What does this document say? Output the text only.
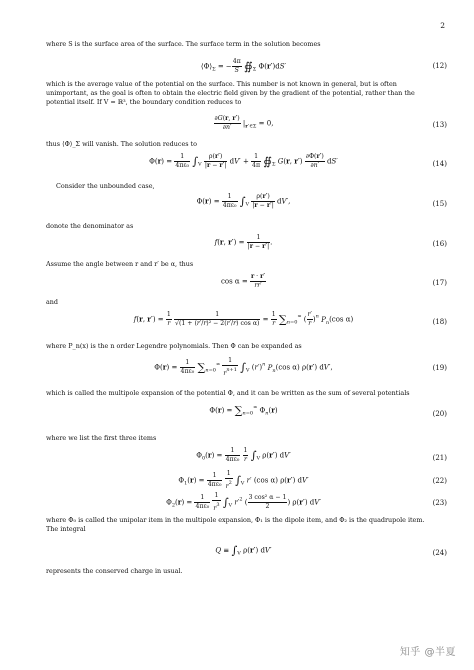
2
where S is the surface area of the surface. The surface term in the solution becomes
$⟨\Phi⟩_\Sigma$ = − $\frac{4\pi}{S}$ $∯_\Sigma$ Φ(r′)dS′	(12)
which is the average value of the potential on the surface. This number is not known in general, but is often unimportant, as the goal is often to obtain the electric field given by the gradient of the potential, rather than the potential itself. If V = ℝ³, the boundary condition reduces to
$\frac{\partial G(r, r')}{\partial n'} |_{r'\in\Sigma} = 0$,	(13)
thus ⟨Φ⟩_Σ will vanish. The solution reduces to
$\Phi(r) = \frac{1}{\text{4πε₀}} \int_V \frac{\rho(r')}{|r - r'|} dV' + \frac{1}{4\pi}$ $∯_\Sigma$ G(r, $r') \frac{\partial\Phi(r')}{\partial n'} dS'$	(14)
Consider the unbounded case,
$\Phi(r) = \frac{1}{\text{4πε₀}} \int_V \frac{\rho(r')}{|r - r'|} dV'$,	(15)
donote the denominator as
f(r, $r') = \frac{1}{|r - r'|}$ .	(16)
Assume the angle between r and r′ be α, thus
$\cos \alpha = \frac{r \cdot r'}{rr'}$	(17)
and
f(r, $r') = \frac{1}{r}$
$\frac{1}{\text{√(1 + (r′/r)² − 2(r′/r) cos α)}} = \frac{1}{r} \sum_{n=0}^\infty$ ( $\frac{r'}{r} )^n$ $P_n(\cos$ α)	(18)
where P_n(x) is the n order Legendre polynomials. Then Φ can be expanded as
$\Phi(r) = \frac{1}{\text{4πε₀}} \sum_{n=0}^\infty \frac{1}{r^{n+1}} \int_V$ $(r')^n$ $P_n(\cos$ α) ρ(r′) dV′,	(19)
which is called the multipole expansion of the potential Φ, and it can be written as the sum of several potentials
$\Phi(r) = \sum_{n=0}^\infty$ $\Phi_n(r)$	(20)
where we list the first three items
$\Phi_0(r) = \frac{1}{\text{4πε₀}}$
$\frac{1}{r} \int_V$ ρ(r′) dV′	(21)
$\Phi_1(r) = \frac{1}{\text{4πε₀}}$
$\frac{1}{r^2} \int_V$ r′ (cos α) ρ(r′) dV′	(22)
$\Phi_2(r) = \frac{1}{\text{4πε₀}}$
$\frac{1}{r^3} \int_V$ $r'^2$ ( $\frac{\text{3 cos² α − 1}}{2}$ ) ρ(r′) dV′	(23)
where Φ₀ is called the unipolar item in the multipole expansion, Φ₁ is the dipole item, and Φ₂ is the quadrupole item. The integral
$Q \equiv \int_V$ ρ(r′) dV′	(24)
represents the conserved charge in usual.
知乎 @半夏
